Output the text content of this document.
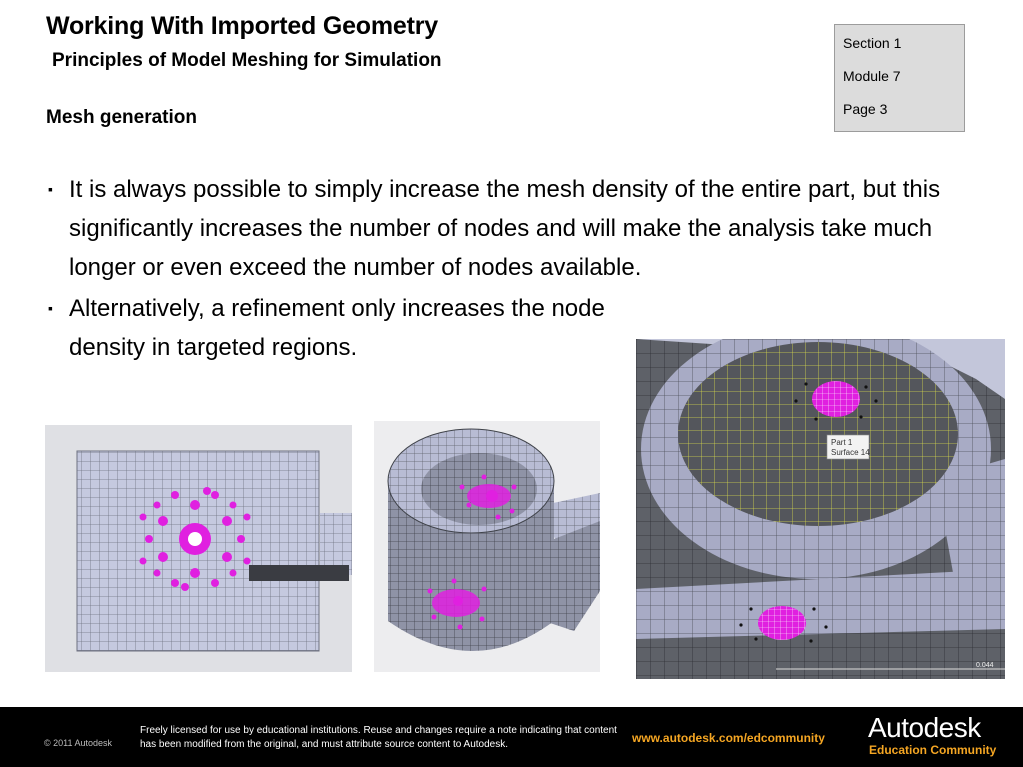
Working With Imported Geometry
Principles of Model Meshing for Simulation
Mesh generation
Section 1
Module 7
Page 3
▪ It is always possible to simply increase the mesh density of the entire part, but this significantly increases the number of nodes and will make the analysis take much longer or even exceed the number of nodes available.
▪ Alternatively, a refinement only increases the node density in targeted regions.
Part 1
Surface 14
0.044
© 2011 Autodesk
Freely licensed for use by educational institutions. Reuse and changes require a note indicating that content has been modified from the original, and must attribute source content to Autodesk.	www.autodesk.com/edcommunity Autodesk
Education Community
